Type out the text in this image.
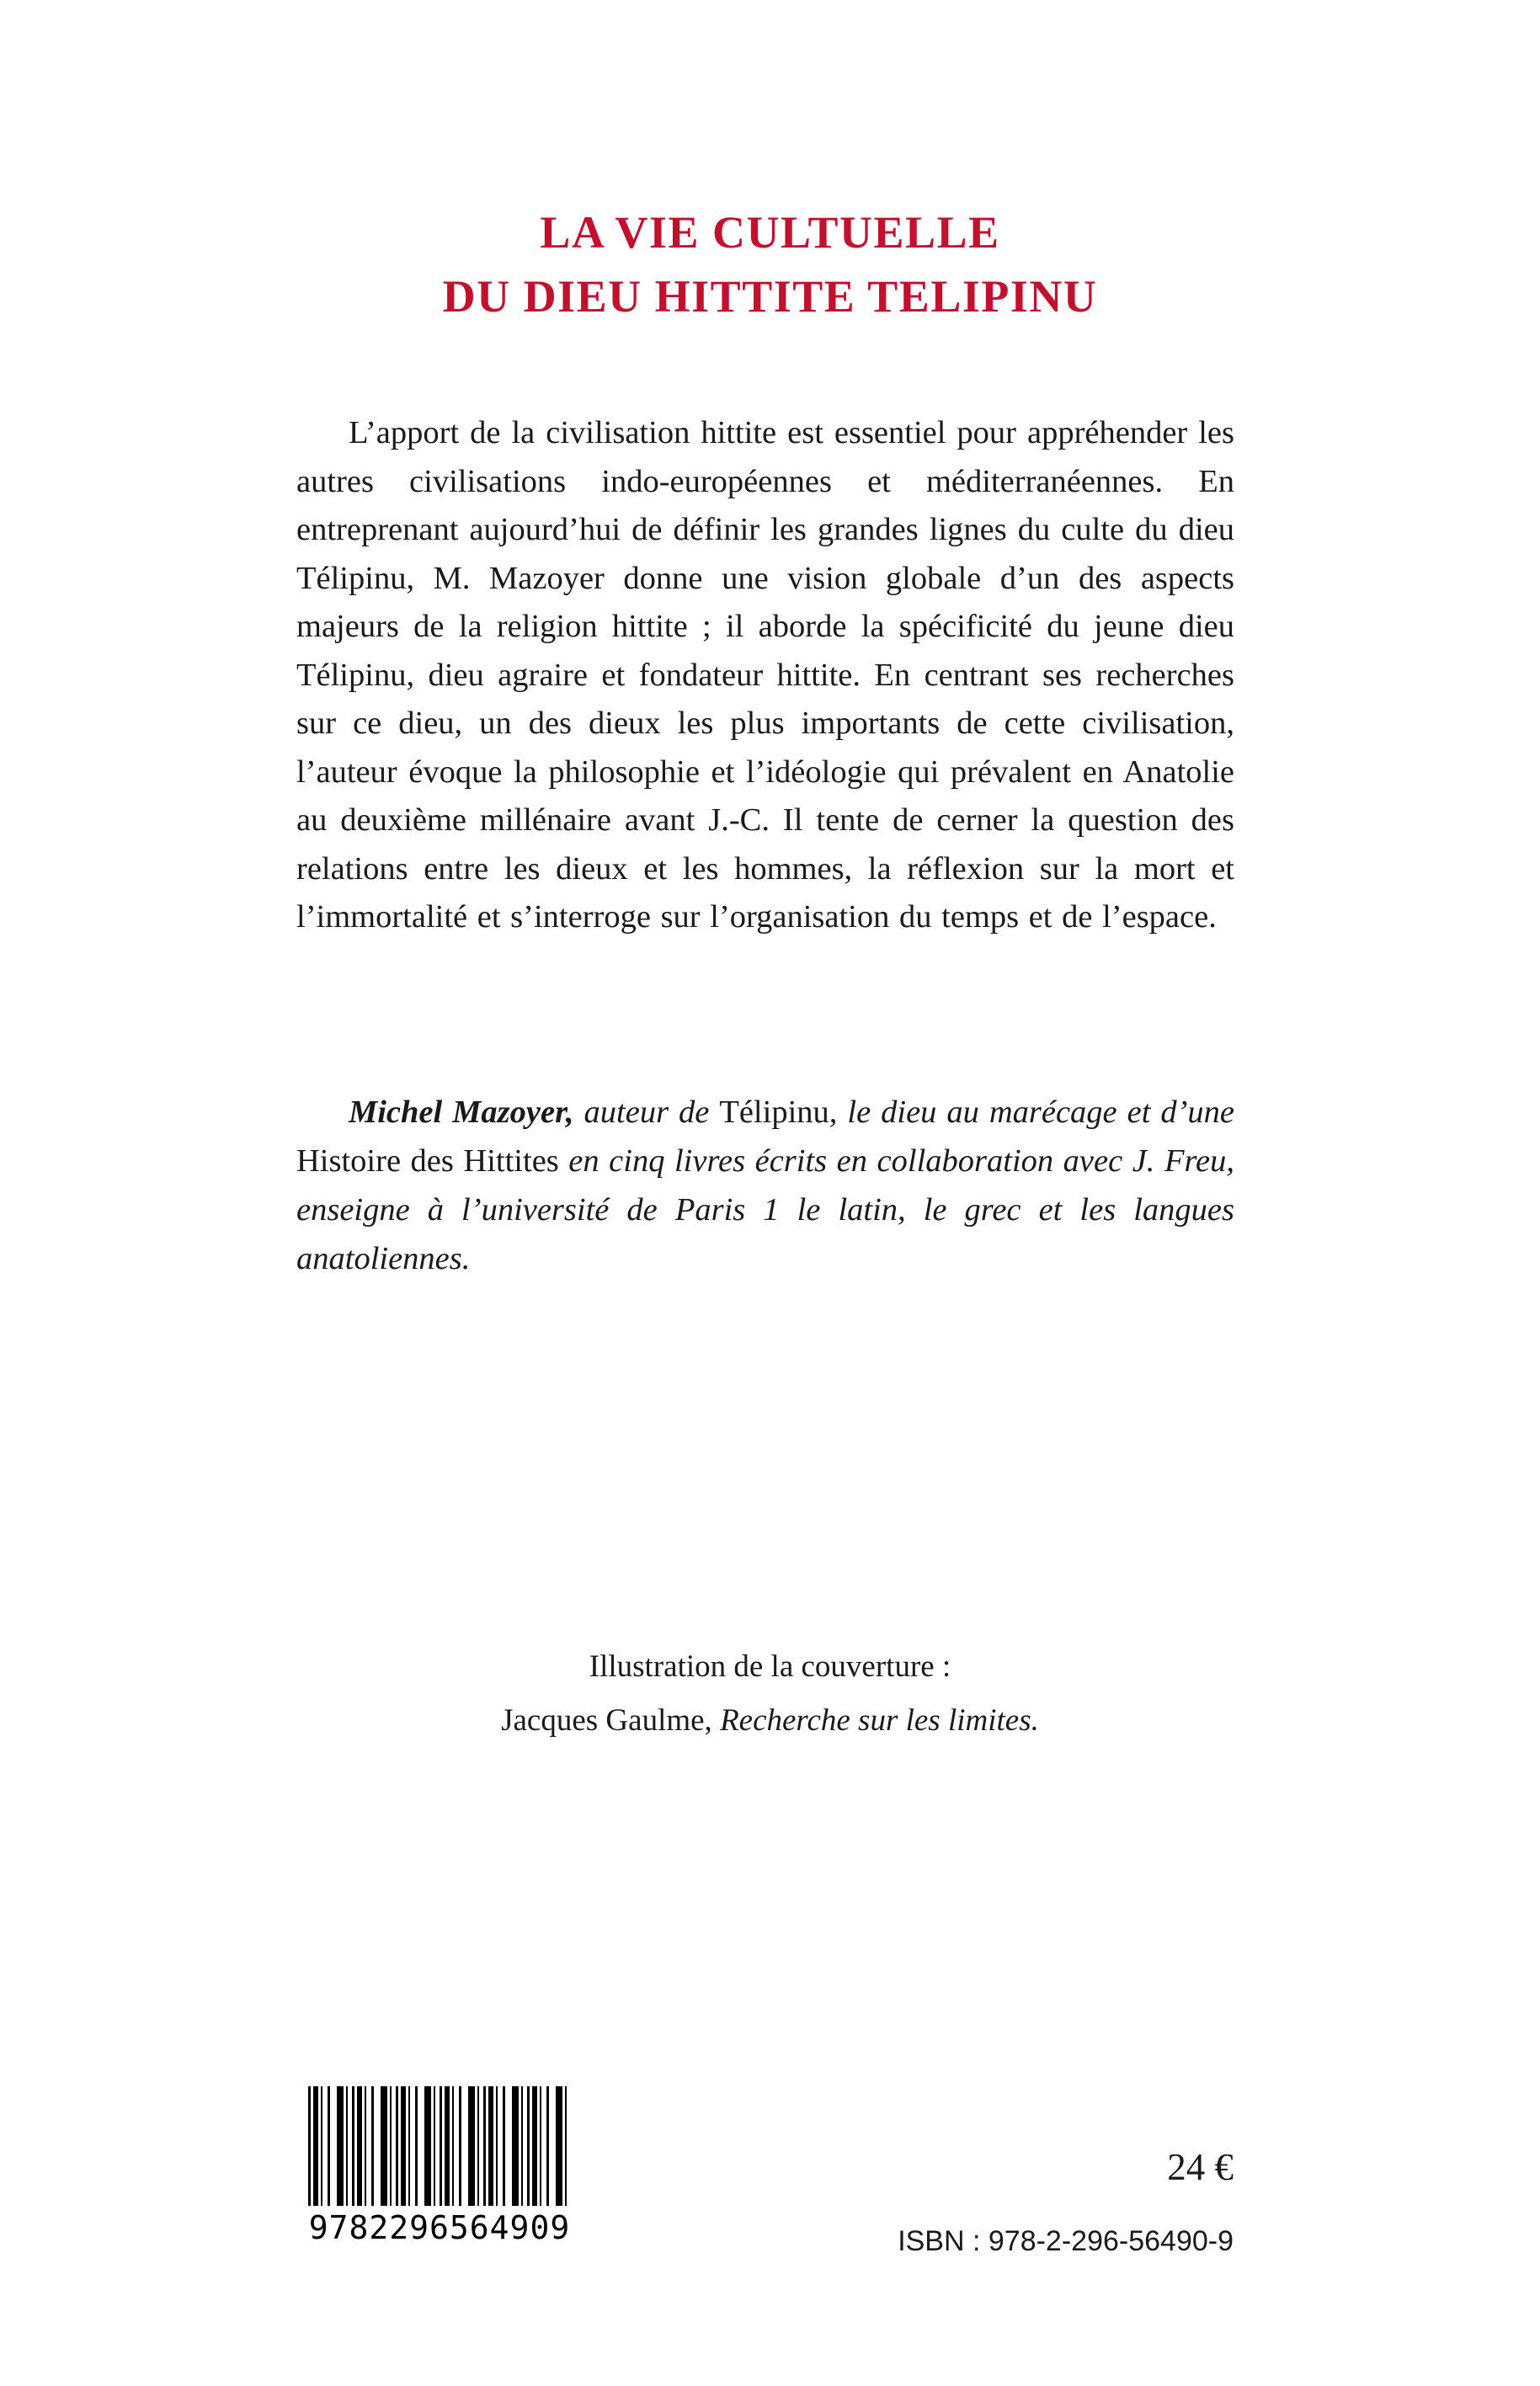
LA VIE CULTUELLE
DU DIEU HITTITE TELIPINU

L’apport de la civilisation hittite est essentiel pour appréhender les autres civilisations indo-européennes et méditerranéennes. En entreprenant aujourd’hui de définir les grandes lignes du culte du dieu Télipinu, M. Mazoyer donne une vision globale d’un des aspects majeurs de la religion hittite ; il aborde la spécificité du jeune dieu Télipinu, dieu agraire et fondateur hittite. En centrant ses recherches sur ce dieu, un des dieux les plus importants de cette civilisation, l’auteur évoque la philosophie et l’idéologie qui prévalent en Anatolie au deuxième millénaire avant J.-C. Il tente de cerner la question des relations entre les dieux et les hommes, la réflexion sur la mort et l’immortalité et s’interroge sur l’organisation du temps et de l’espace.

Michel Mazoyer, auteur de Télipinu, le dieu au marécage et d’une Histoire des Hittites en cinq livres écrits en collaboration avec J. Freu, enseigne à l’université de Paris 1 le latin, le grec et les langues anatoliennes.

Illustration de la couverture :
Jacques Gaulme, Recherche sur les limites.
9782296564909
24 €
ISBN : 978-2-296-56490-9
